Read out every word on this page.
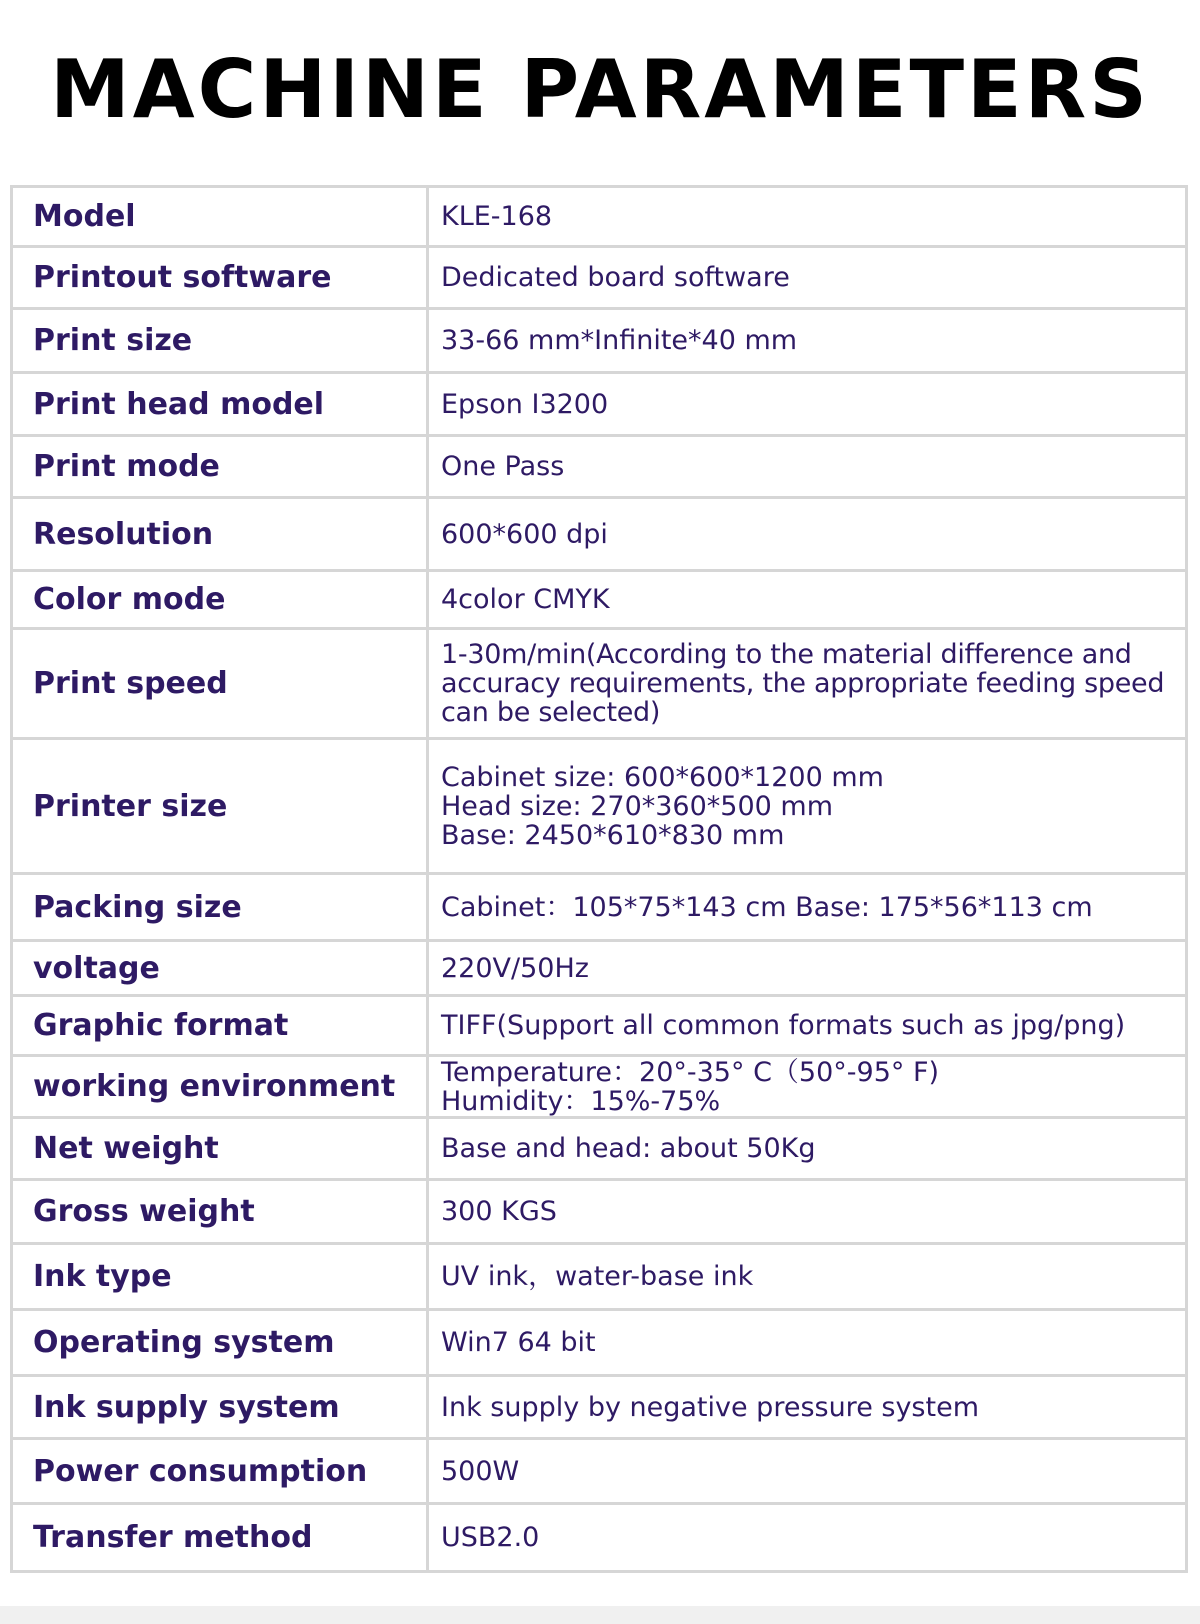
MACHINE PARAMETERS
Model	KLE-168

Printout software	Dedicated board software

Print size	33-66 mm*Infinite*40 mm

Print head model	Epson I3200

Print mode	One Pass

Resolution	600*600 dpi

Color mode	4color CMYK

Print speed	1-30m/min(According to the material difference and accuracy requirements, the appropriate feeding speed can be selected)

Printer size	Cabinet size: 600*600*1200 mm
Head size: 270*360*500 mm
Base: 2450*610*830 mm

Packing size	Cabinet：105*75*143 cm Base: 175*56*113 cm

voltage	220V/50Hz

Graphic format	TIFF(Support all common formats such as jpg/png)

working environment	Temperature：20°-35° C（50°-95° F)
Humidity：15%-75%

Net weight	Base and head: about 50Kg

Gross weight	300 KGS

Ink type	UV ink，water-base ink

Operating system	Win7 64 bit

Ink supply system	Ink supply by negative pressure system

Power consumption	500W

Transfer method	USB2.0
